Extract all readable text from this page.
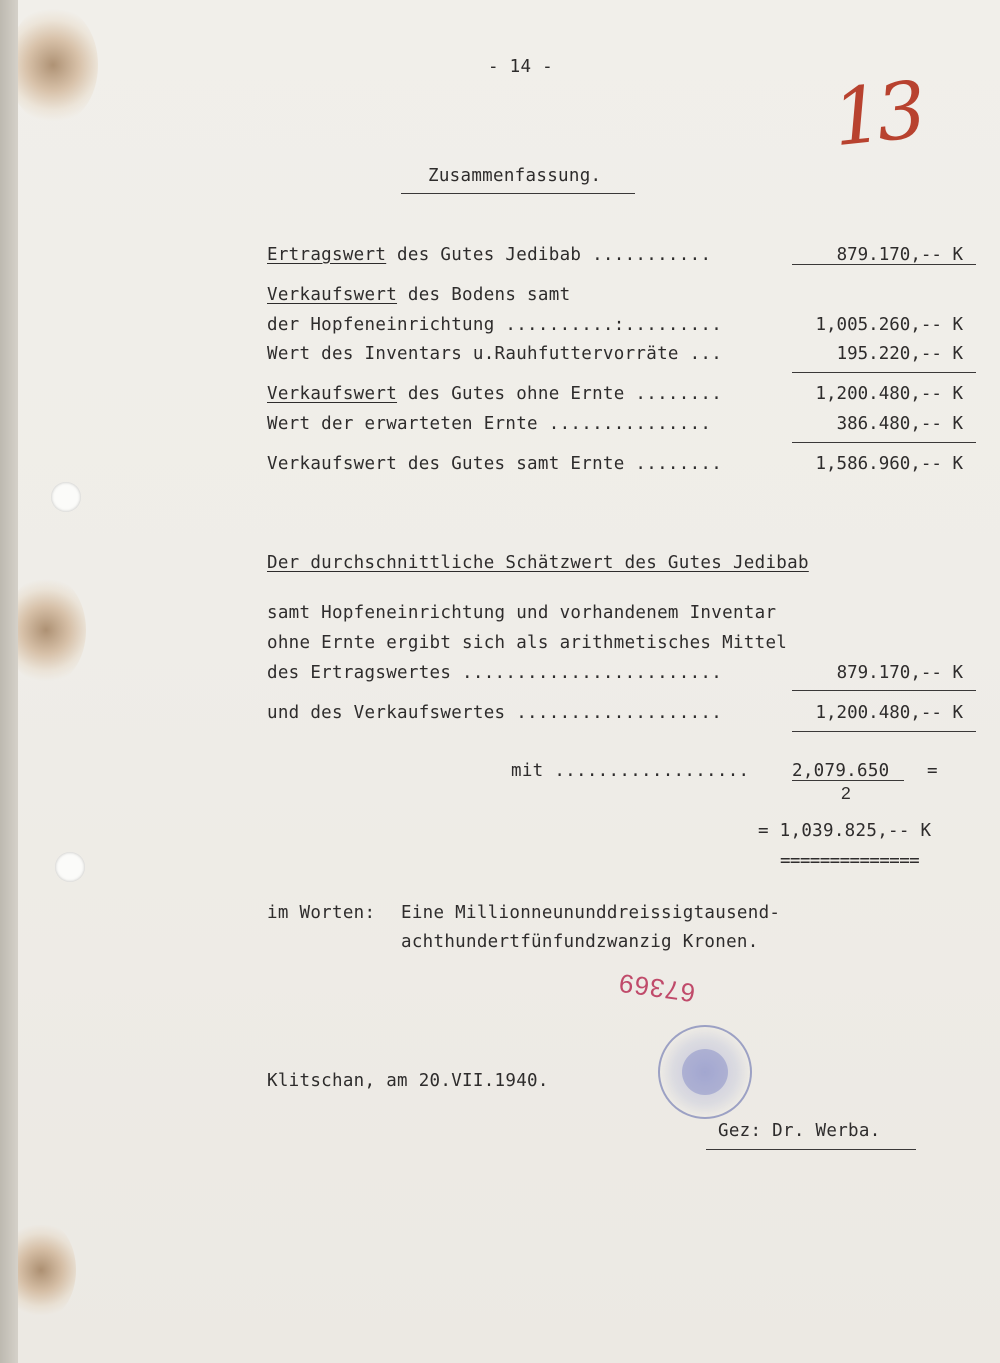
- 14 -	13
Zusammenfassung.
Ertragswert des Gutes Jedibab ...........	879.170,-- K
Verkaufswert des Bodens samt
der Hopfeneinrichtung ..........:.........	1,005.260,-- K
Wert des Inventars u.Rauhfuttervorräte ...	195.220,-- K
Verkaufswert des Gutes ohne Ernte ........	1,200.480,-- K
Wert der erwarteten Ernte ...............	386.480,-- K
Verkaufswert des Gutes samt Ernte ........	1,586.960,-- K
Der durchschnittliche Schätzwert des Gutes Jedibab
samt Hopfeneinrichtung und vorhandenem Inventar
ohne Ernte ergibt sich als arithmetisches Mittel
des Ertragswertes ........................	879.170,-- K
und des Verkaufswertes ...................	1,200.480,-- K
mit .................. 2,079.650 =
2
= 1,039.825,-- K
==============
im Worten: Eine Millionneununddreissigtausend-
achthundertfünfundzwanzig Kronen.
67369
Klitschan, am 20.VII.1940.
Gez: Dr. Werba.
